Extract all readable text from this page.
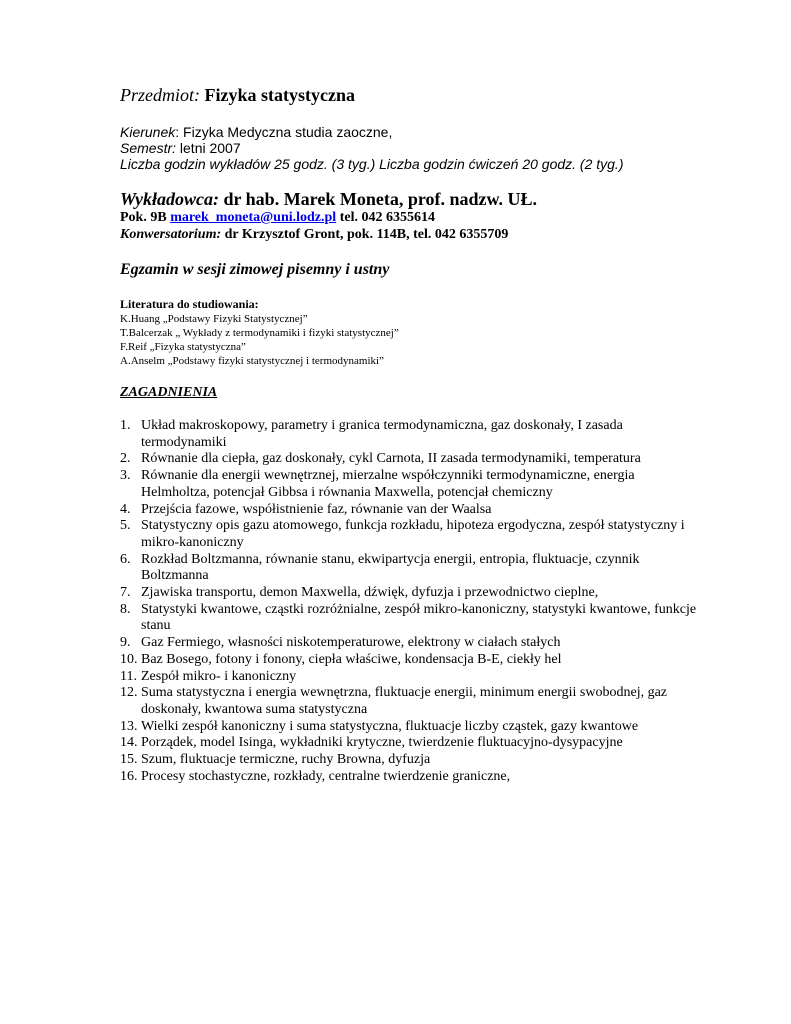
Przedmiot: Fizyka statystyczna
Kierunek: Fizyka Medyczna studia zaoczne,
Semestr: letni 2007
Liczba godzin wykładów 25 godz. (3 tyg.) Liczba godzin ćwiczeń 20 godz. (2 tyg.)
Wykładowca: dr hab. Marek Moneta, prof. nadzw. UŁ.
Pok. 9B marek_moneta@uni.lodz.pl tel. 042 6355614
Konwersatorium: dr Krzysztof Gront, pok. 114B, tel. 042 6355709
Egzamin w sesji zimowej pisemny i ustny
Literatura do studiowania:
K.Huang „Podstawy Fizyki Statystycznej”
T.Balcerzak „ Wykłady z termodynamiki i fizyki statystycznej”
F.Reif „Fizyka statystyczna”
A.Anselm „Podstawy fizyki statystycznej i termodynamiki”
ZAGADNIENIA
1. Układ makroskopowy, parametry i granica termodynamiczna, gaz doskonały, I zasada termodynamiki
2. Równanie dla ciepła, gaz doskonały, cykl Carnota, II zasada termodynamiki, temperatura
3. Równanie dla energii wewnętrznej, mierzalne współczynniki termodynamiczne, energia Helmholtza, potencjał Gibbsa i równania Maxwella, potencjał chemiczny
4. Przejścia fazowe, współistnienie faz, równanie van der Waalsa
5. Statystyczny opis gazu atomowego, funkcja rozkładu, hipoteza ergodyczna, zespół statystyczny i mikro-kanoniczny
6. Rozkład Boltzmanna, równanie stanu, ekwipartycja energii, entropia, fluktuacje, czynnik Boltzmanna
7. Zjawiska transportu, demon Maxwella, dźwięk, dyfuzja i przewodnictwo cieplne,
8. Statystyki kwantowe, cząstki rozróżnialne, zespół mikro-kanoniczny, statystyki kwantowe, funkcje stanu
9. Gaz Fermiego, własności niskotemperaturowe, elektrony w ciałach stałych
10. Baz Bosego, fotony i fonony, ciepła właściwe, kondensacja B-E, ciekły hel
11. Zespół mikro- i kanoniczny
12. Suma statystyczna i energia wewnętrzna, fluktuacje energii, minimum energii swobodnej, gaz doskonały, kwantowa suma statystyczna
13. Wielki zespół kanoniczny i suma statystyczna, fluktuacje liczby cząstek, gazy kwantowe
14. Porządek, model Isinga, wykładniki krytyczne, twierdzenie fluktuacyjno-dysypacyjne
15. Szum, fluktuacje termiczne, ruchy Browna, dyfuzja
16. Procesy stochastyczne, rozkłady, centralne twierdzenie graniczne,
